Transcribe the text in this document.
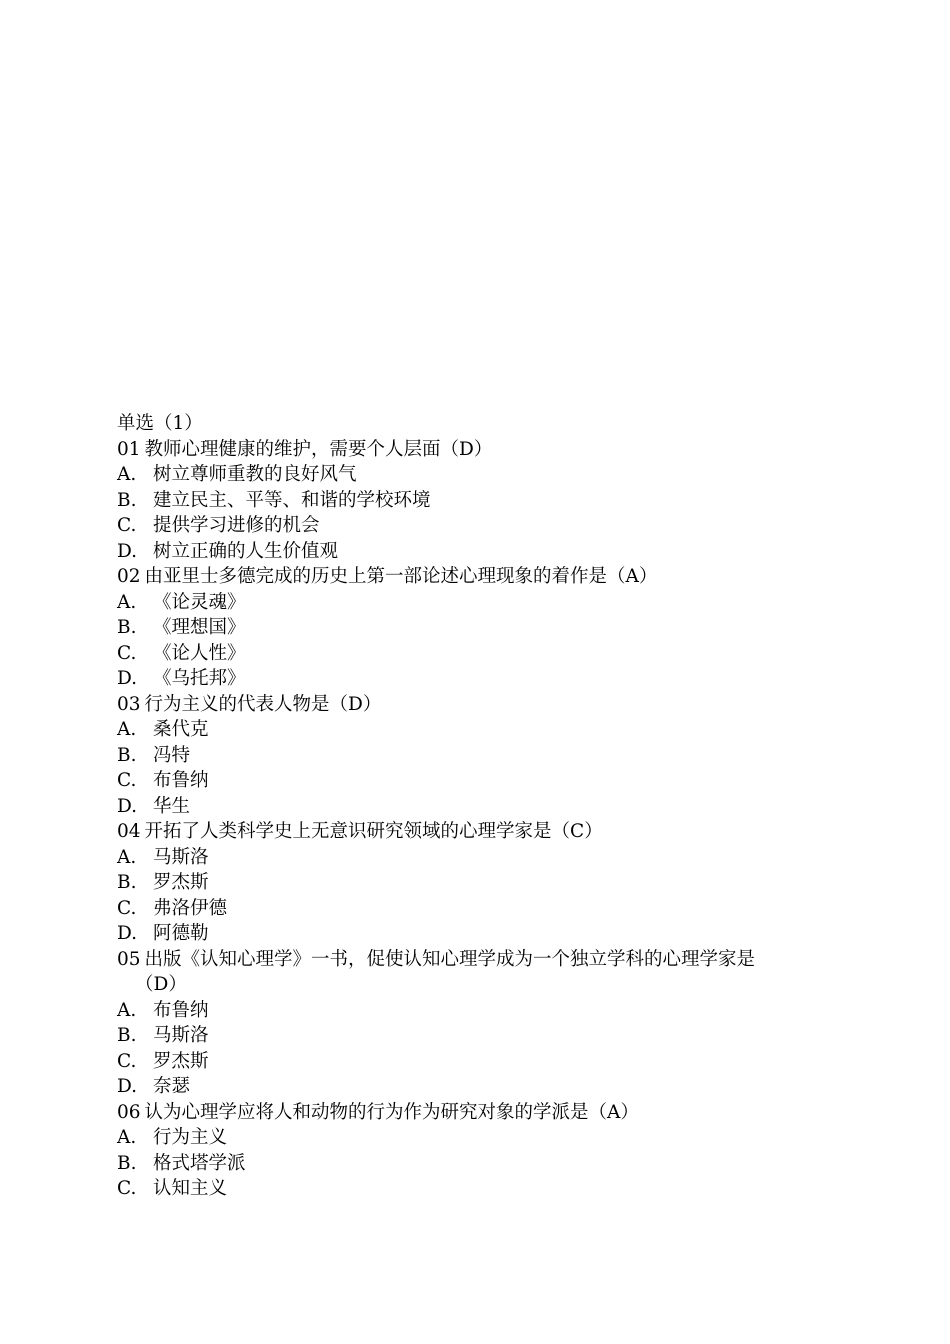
单选（1）
01 教师心理健康的维护，需要个人层面（D）
A. 树立尊师重教的良好风气
B. 建立民主、平等、和谐的学校环境
C. 提供学习进修的机会
D. 树立正确的人生价值观
02 由亚里士多德完成的历史上第一部论述心理现象的着作是（A）
A. 《论灵魂》
B. 《理想国》
C. 《论人性》
D. 《乌托邦》
03 行为主义的代表人物是（D）
A. 桑代克
B. 冯特
C. 布鲁纳
D. 华生
04 开拓了人类科学史上无意识研究领域的心理学家是（C）
A. 马斯洛
B. 罗杰斯
C. 弗洛伊德
D. 阿德勒
05 出版《认知心理学》一书，促使认知心理学成为一个独立学科的心理学家是
（D）
A. 布鲁纳
B. 马斯洛
C. 罗杰斯
D. 奈瑟
06 认为心理学应将人和动物的行为作为研究对象的学派是（A）
A. 行为主义
B. 格式塔学派
C. 认知主义
